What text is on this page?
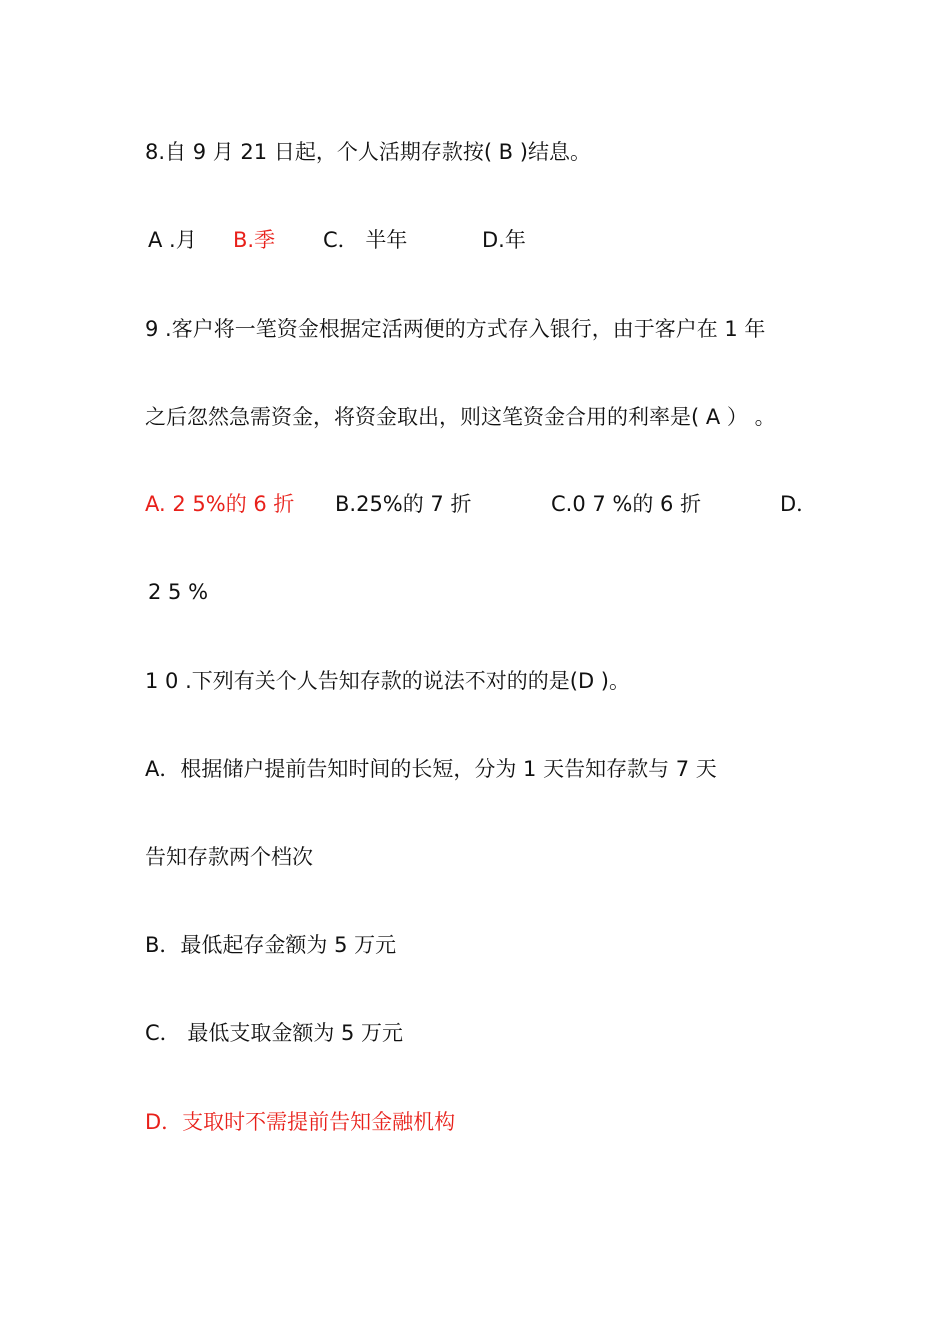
8.自 9 月 21 日起，个人活期存款按( B )结息。
A .月 B.季 C． 半年	D.年
9 .客户将一笔资金根据定活两便的方式存入银行，由于客户在 1 年
之后忽然急需资金，将资金取出，则这笔资金合用的利率是( A ） 。
A. 2 5%的 6 折 B.25%的 7 折	C.0 7 %的 6 折	D．
2 5 %
1 0 .下列有关个人告知存款的说法不对的的是(D )。
A．根据储户提前告知时间的长短，分为 1 天告知存款与 7 天
告知存款两个档次
B．最低起存金额为 5 万元
C． 最低支取金额为 5 万元
D．支取时不需提前告知金融机构
